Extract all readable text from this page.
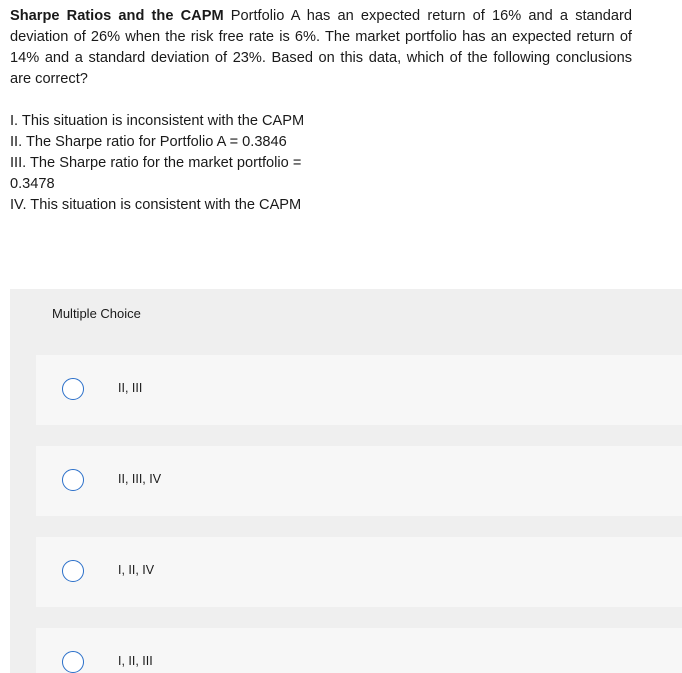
Sharpe Ratios and the CAPM Portfolio A has an expected return of 16% and a standard deviation of 26% when the risk free rate is 6%. The market portfolio has an expected return of 14% and a standard deviation of 23%. Based on this data, which of the following conclusions are correct?
I. This situation is inconsistent with the CAPM
II. The Sharpe ratio for Portfolio A = 0.3846
III. The Sharpe ratio for the market portfolio = 0.3478
IV. This situation is consistent with the CAPM
Multiple Choice
II, III
II, III, IV
I, II, IV
I, II, III
